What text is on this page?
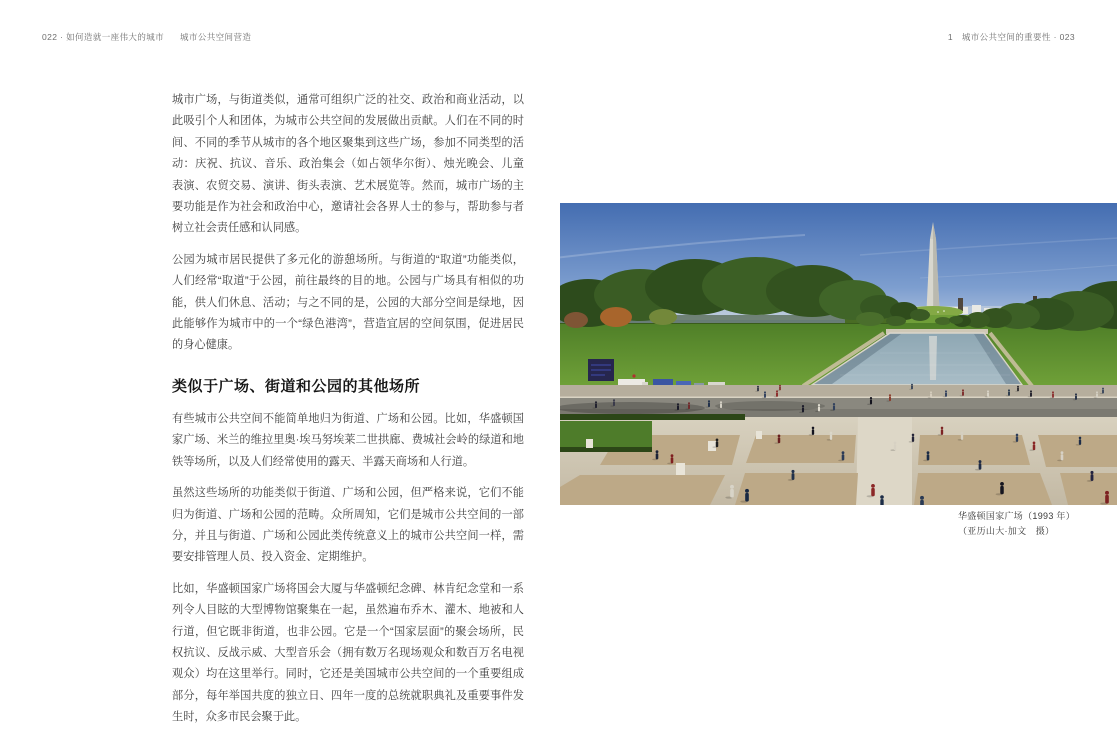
022 · 如何造就一座伟大的城市 城市公共空间营造	1　城市公共空间的重要性 · 023

城市广场，与街道类似，通常可组织广泛的社交、政治和商业活动，以此吸引个人和团体，为城市公共空间的发展做出贡献。人们在不同的时间、不同的季节从城市的各个地区聚集到这些广场，参加不同类型的活动：庆祝、抗议、音乐、政治集会（如占领华尔街）、烛光晚会、儿童表演、农贸交易、演讲、街头表演、艺术展览等。然而，城市广场的主要功能是作为社会和政治中心，邀请社会各界人士的参与，帮助参与者树立社会责任感和认同感。

公园为城市居民提供了多元化的游憩场所。与街道的“取道”功能类似，人们经常“取道”于公园，前往最终的目的地。公园与广场具有相似的功能，供人们休息、活动；与之不同的是，公园的大部分空间是绿地，因此能够作为城市中的一个“绿色港湾”，营造宜居的空间氛围，促进居民的身心健康。

类似于广场、街道和公园的其他场所

有些城市公共空间不能简单地归为街道、广场和公园。比如，华盛顿国家广场、米兰的维拉里奥·埃马努埃莱二世拱廊、费城社会岭的绿道和地铁等场所，以及人们经常使用的露天、半露天商场和人行道。

虽然这些场所的功能类似于街道、广场和公园，但严格来说，它们不能归为街道、广场和公园的范畴。众所周知，它们是城市公共空间的一部分，并且与街道、广场和公园此类传统意义上的城市公共空间一样，需要安排管理人员、投入资金、定期维护。

比如，华盛顿国家广场将国会大厦与华盛顿纪念碑、林肯纪念堂和一系列令人目眩的大型博物馆聚集在一起，虽然遍布乔木、灌木、地被和人行道，但它既非街道，也非公园。它是一个“国家层面”的聚会场所，民权抗议、反战示威、大型音乐会（拥有数万名现场观众和数百万名电视观众）均在这里举行。同时，它还是美国城市公共空间的一个重要组成部分，每年举国共度的独立日、四年一度的总统就职典礼及重要事件发生时，众多市民会聚于此。

华盛顿国家广场（1993 年）
（亚历山大·加文　摄）
